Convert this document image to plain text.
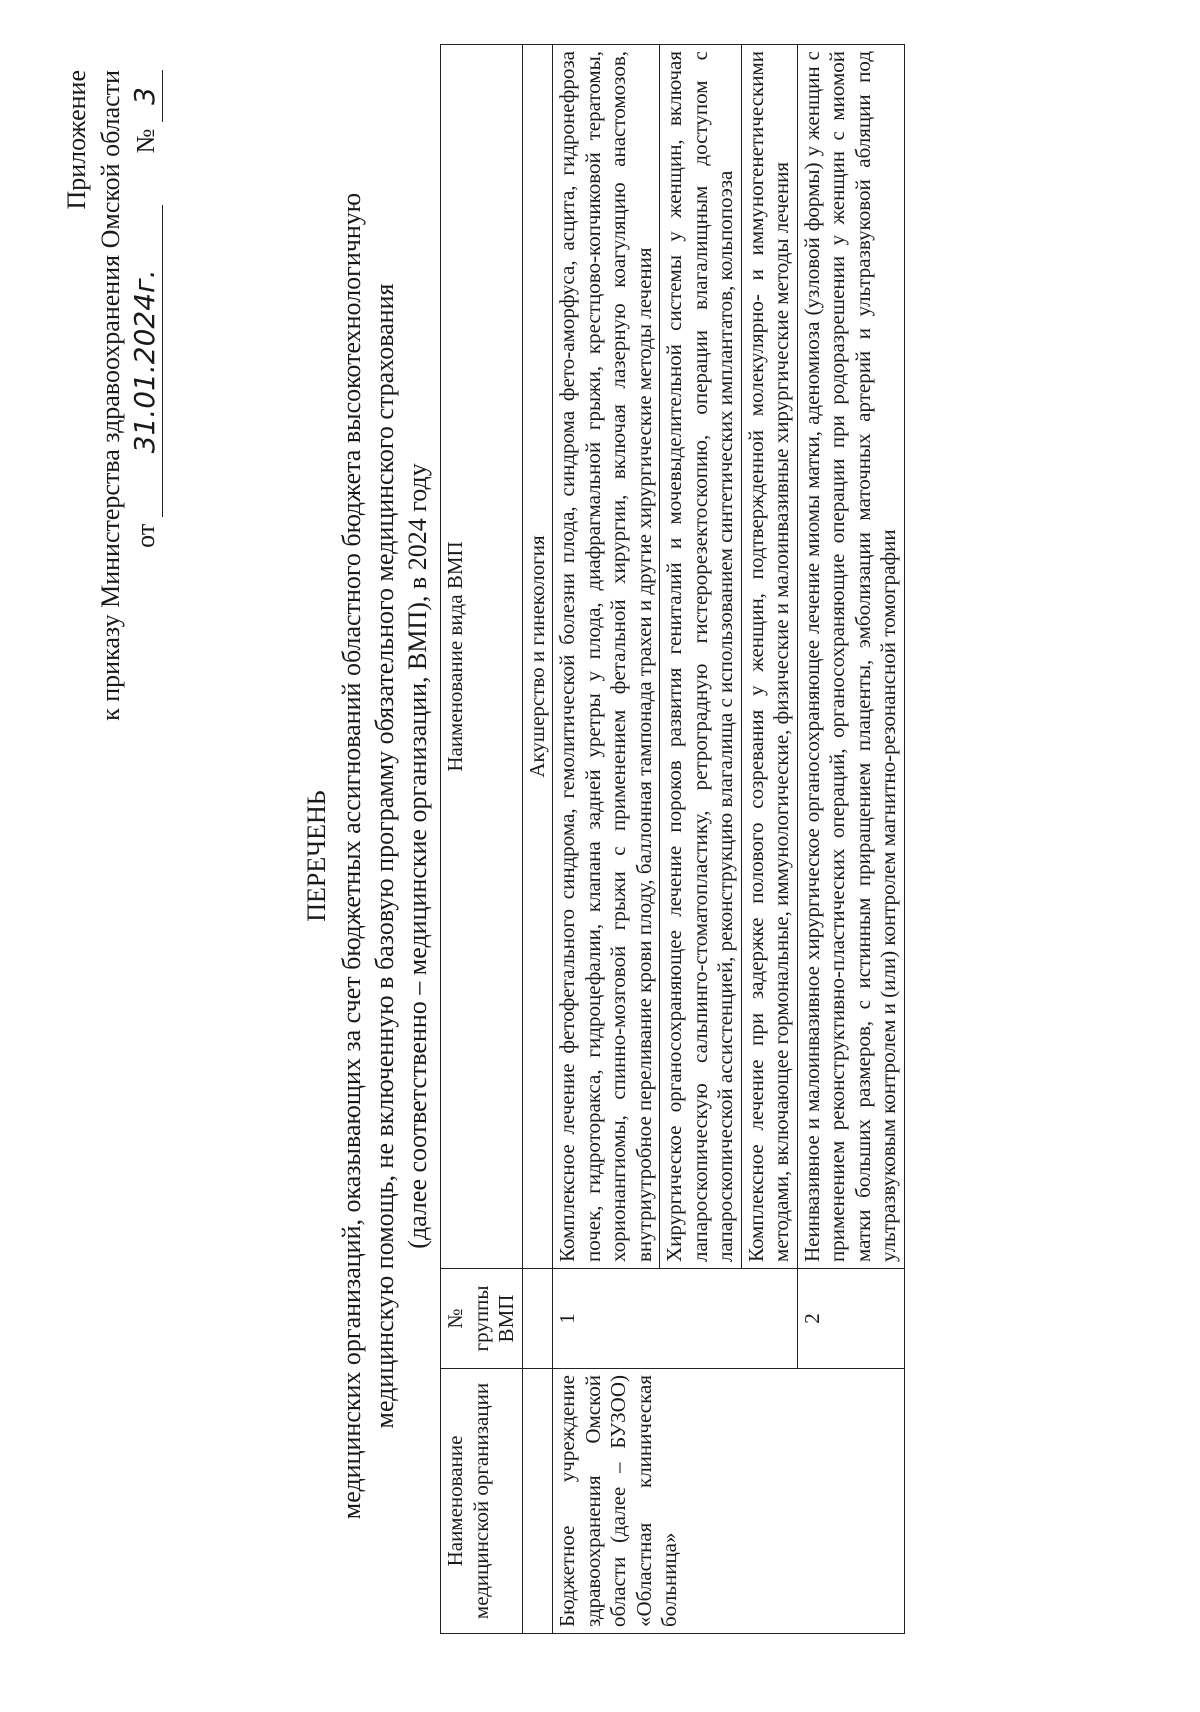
Приложение к приказу Министерства здравоохранения Омской области от 31.01.2024г.        № 3
ПЕРЕЧЕНЬ медицинских организаций, оказывающих за счет бюджетных ассигнований областного бюджета высокотехнологичную медицинскую помощь, не включенную в базовую программу обязательного медицинского страхования (далее соответственно – медицинские организации, ВМП), в 2024 году
Наименование медицинской организации	№ группы ВМП	Наименование вида ВМП
		Акушерство и гинекология
Бюджетное учреждение здравоохранения Омской области (далее – БУЗОО) «Областная клиническая больница»	1	Комплексное лечение фетофетального синдрома, гемолитической болезни плода, синдрома фето-аморфуса, асцита, гидронефроза почек, гидроторакса, гидроцефалии, клапана задней уретры у плода, диафрагмальной грыжи, крестцово-копчиковой тератомы, хорионангиомы, спинно-мозговой грыжи с применением фетальной хирургии, включая лазерную коагуляцию анастомозов, внутриутробное переливание крови плоду, баллонная тампонада трахеи и другие хирургические методы лечения
		Хирургическое органосохраняющее лечение пороков развития гениталий и мочевыделительной системы у женщин, включая лапароскопическую сальпинго-стоматопластику, ретроградную гистерорезектоскопию, операции влагалищным доступом с лапароскопической ассистенцией, реконструкцию влагалища с использованием синтетических имплантатов, кольпопоэза
		Комплексное лечение при задержке полового созревания у женщин, подтвержденной молекулярно- и иммуногенетическими методами, включающее гормональные, иммунологические, физические и малоинвазивные хирургические методы лечения
	2	Неинвазивное и малоинвазивное хирургическое органосохраняющее лечение миомы матки, аденомиоза (узловой формы) у женщин с применением реконструктивно-пластических операций, органосохраняющие операции при родоразрешении у женщин с миомой матки больших размеров, с истинным приращением плаценты, эмболизации маточных артерий и ультразвуковой абляции под ультразвуковым контролем и (или) контролем магнитно-резонансной томографии
